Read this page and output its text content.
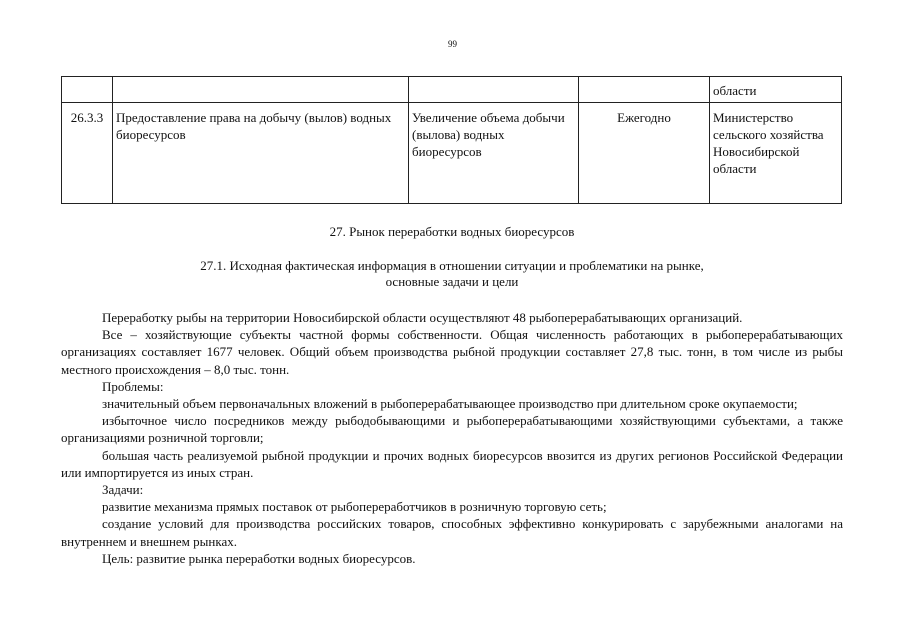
99
				области
26.3.3	Предоставление права на добычу (вылов) водных биоресурсов	Увеличение объема добычи (вылова) водных биоресурсов	Ежегодно	Министерство сельского хозяйства Новосибирской области
27. Рынок переработки водных биоресурсов
27.1. Исходная фактическая информация в отношении ситуации и проблематики на рынке,
основные задачи и цели

Переработку рыбы на территории Новосибирской области осуществляют 48 рыбоперерабатывающих организаций.

Все – хозяйствующие субъекты частной формы собственности. Общая численность работающих в рыбоперерабатывающих организациях составляет 1677 человек. Общий объем производства рыбной продукции составляет 27,8 тыс. тонн, в том числе из рыбы местного происхождения – 8,0 тыс. тонн.

Проблемы:

значительный объем первоначальных вложений в рыбоперерабатывающее производство при длительном сроке окупаемости;

избыточное число посредников между рыбодобывающими и рыбоперерабатывающими хозяйствующими субъектами, а также организациями розничной торговли;

большая часть реализуемой рыбной продукции и прочих водных биоресурсов ввозится из других регионов Российской Федерации или импортируется из иных стран.

Задачи:

развитие механизма прямых поставок от рыбопереработчиков в розничную торговую сеть;

создание условий для производства российских товаров, способных эффективно конкурировать с зарубежными аналогами на внутреннем и внешнем рынках.

Цель: развитие рынка переработки водных биоресурсов.
